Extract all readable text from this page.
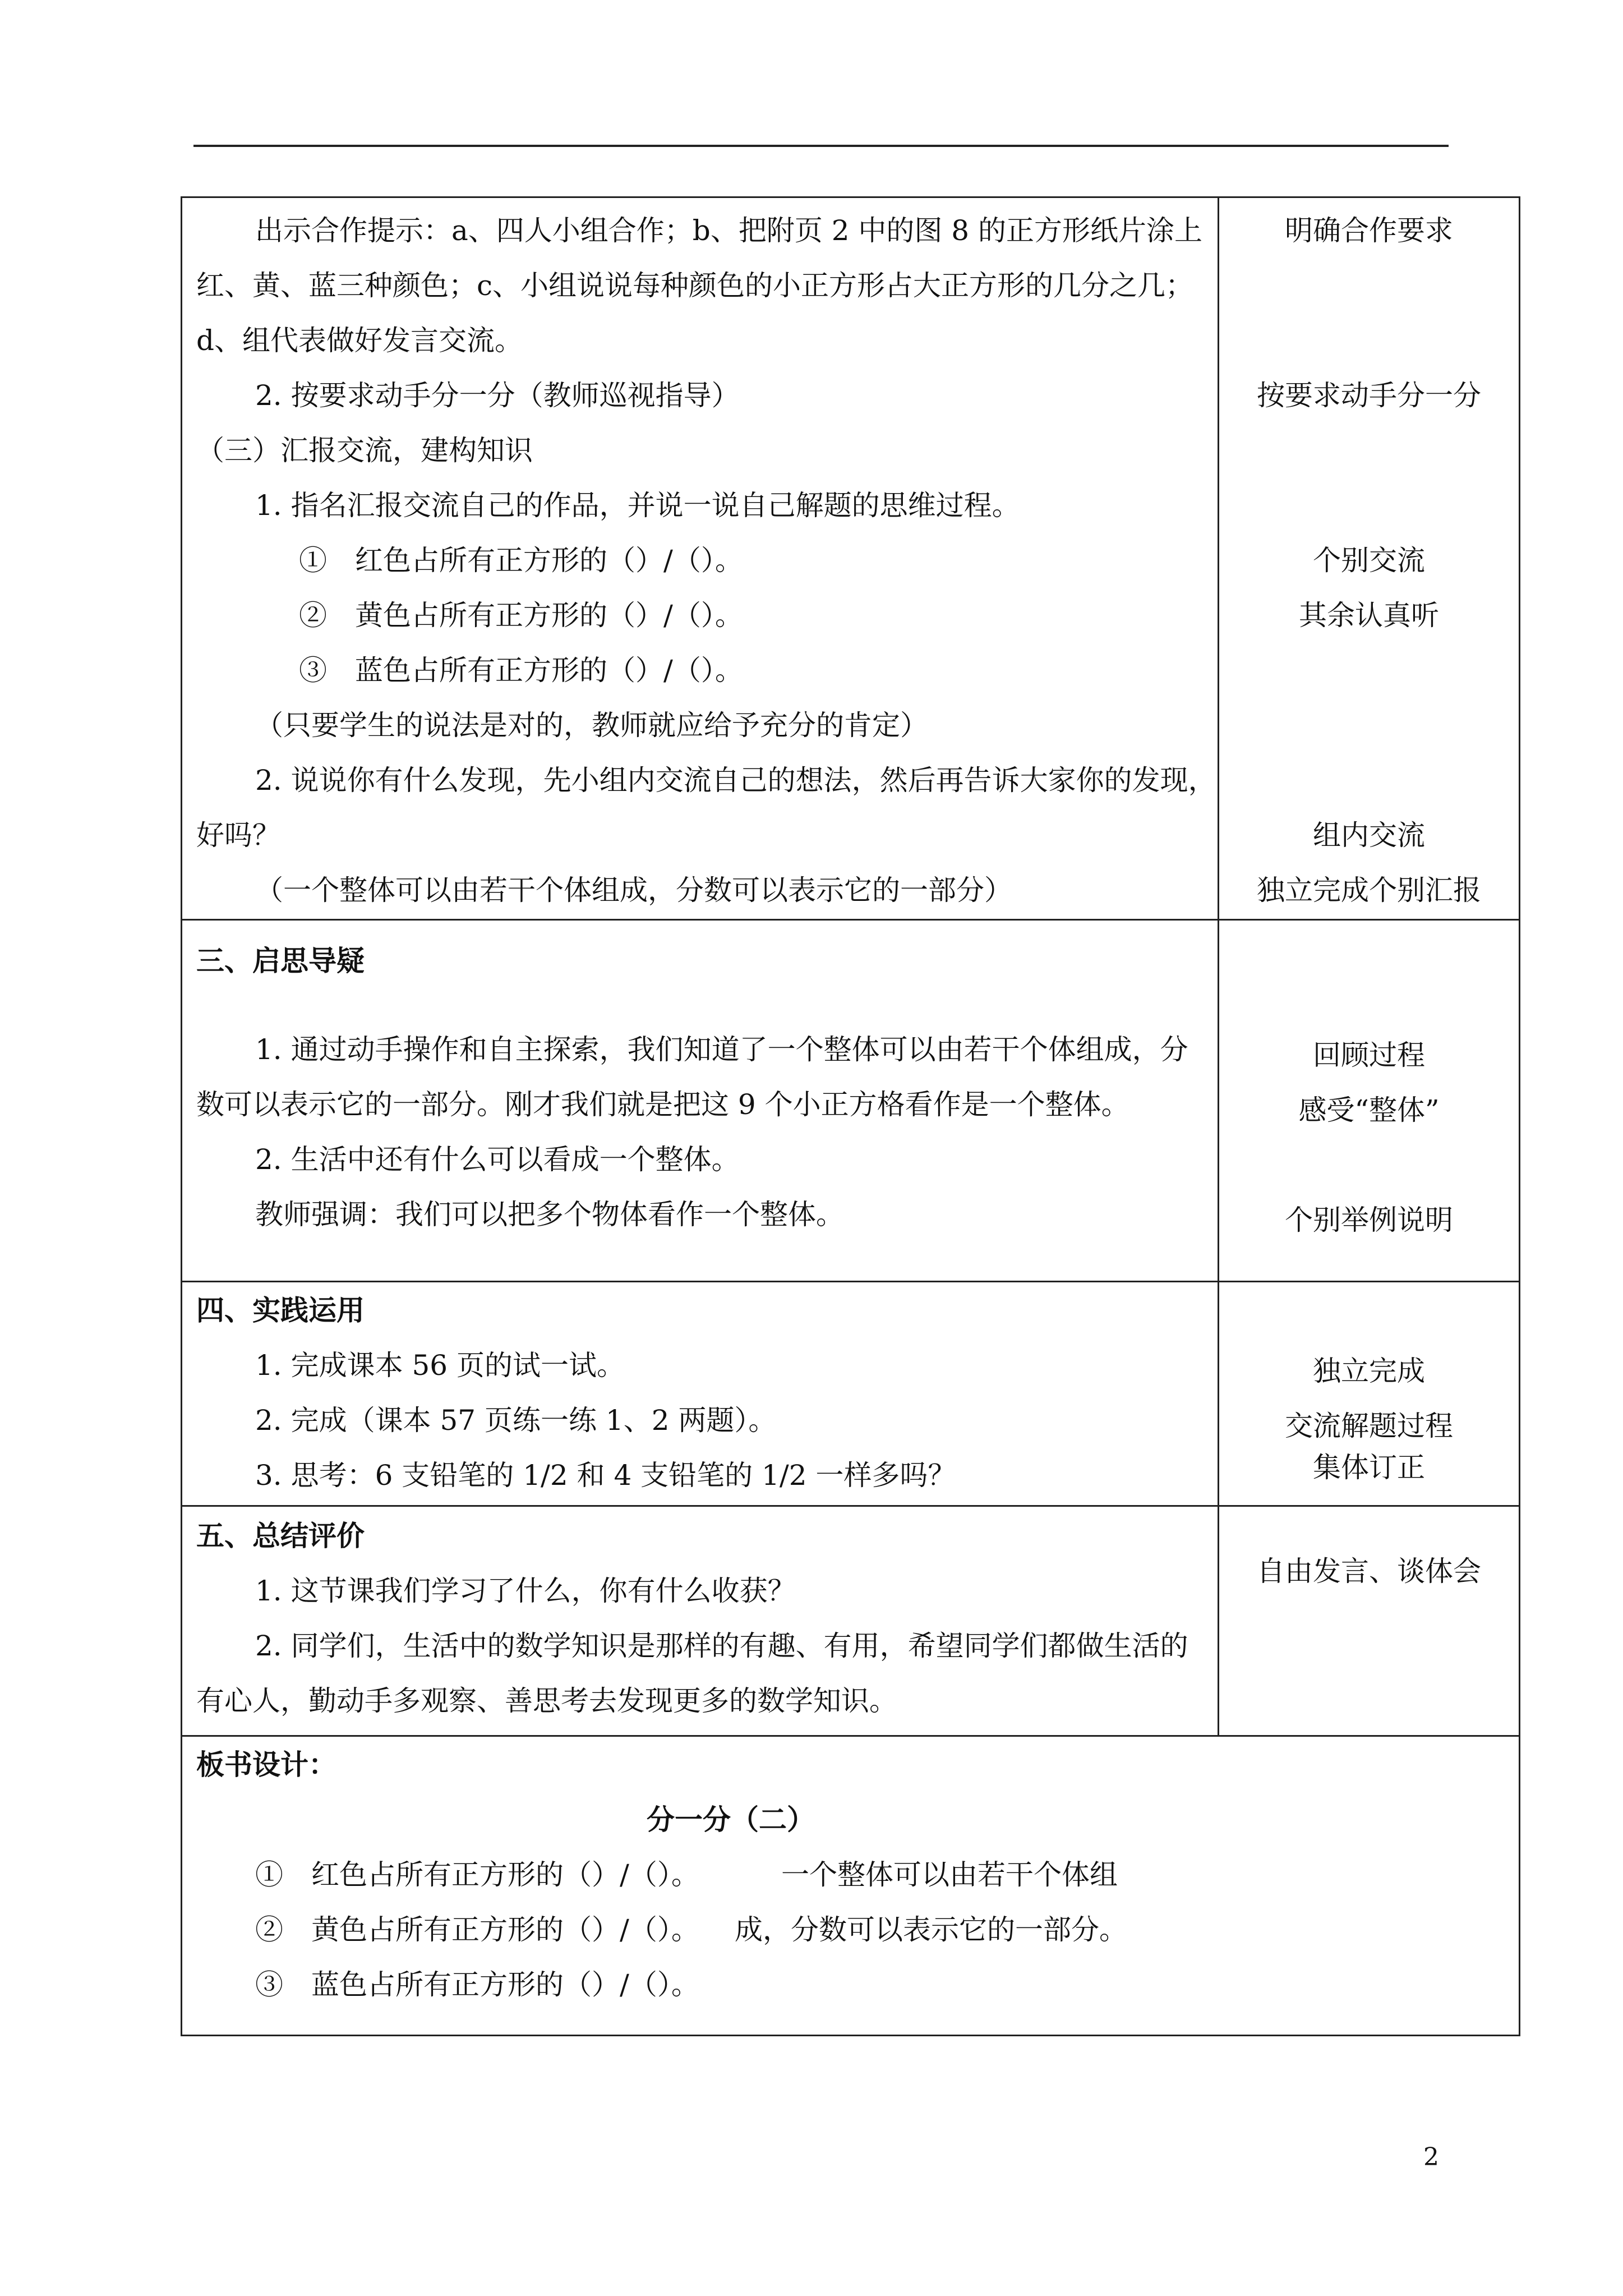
出示合作提示：a、四人小组合作；b、把附页 2 中的图 8 的正方形纸片涂上
红、黄、蓝三种颜色；c、小组说说每种颜色的小正方形占大正方形的几分之几；
d、组代表做好发言交流。
2. 按要求动手分一分（教师巡视指导）
（三）汇报交流，建构知识
1. 指名汇报交流自己的作品，并说一说自己解题的思维过程。
①　红色占所有正方形的（）/（）。
②　黄色占所有正方形的（）/（）。
③　蓝色占所有正方形的（）/（）。
（只要学生的说法是对的，教师就应给予充分的肯定）
2. 说说你有什么发现，先小组内交流自己的想法，然后再告诉大家你的发现，
好吗？
（一个整体可以由若干个体组成，分数可以表示它的一部分）
明确合作要求
按要求动手分一分
个别交流
其余认真听
组内交流
独立完成个别汇报
三、启思导疑
1. 通过动手操作和自主探索，我们知道了一个整体可以由若干个体组成，分
数可以表示它的一部分。刚才我们就是把这 9 个小正方格看作是一个整体。
2. 生活中还有什么可以看成一个整体。
教师强调：我们可以把多个物体看作一个整体。
回顾过程
感受“整体”
个别举例说明
四、实践运用
1. 完成课本 56 页的试一试。
2. 完成（课本 57 页练一练 1、2 两题）。
3. 思考：6 支铅笔的 1/2 和 4 支铅笔的 1/2 一样多吗？
独立完成
交流解题过程
集体订正
五、总结评价
1. 这节课我们学习了什么，你有什么收获？
2. 同学们，生活中的数学知识是那样的有趣、有用，希望同学们都做生活的
有心人，勤动手多观察、善思考去发现更多的数学知识。
自由发言、谈体会
板书设计：
分一分（二）
①　红色占所有正方形的（）/（）。
②　黄色占所有正方形的（）/（）。
③　蓝色占所有正方形的（）/（）。
一个整体可以由若干个体组
成，分数可以表示它的一部分。
2
